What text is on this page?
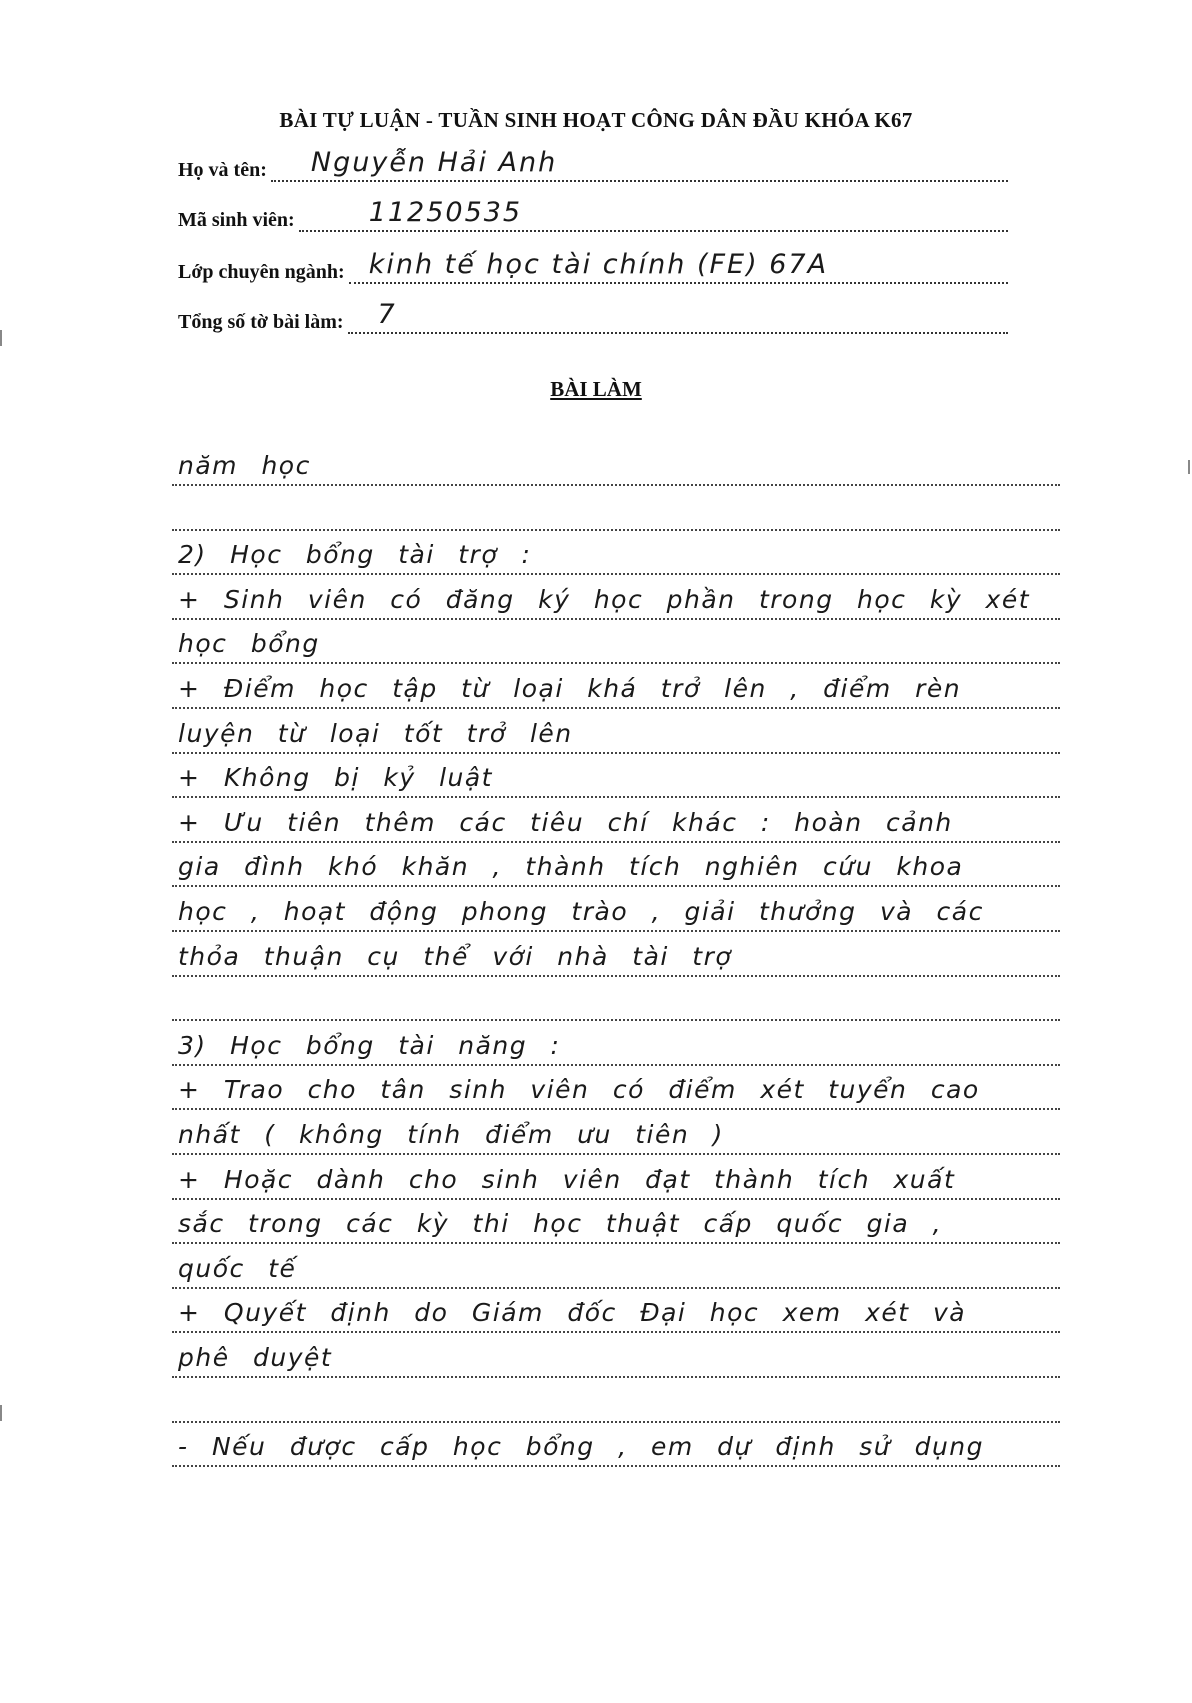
BÀI TỰ LUẬN - TUẦN SINH HOẠT CÔNG DÂN ĐẦU KHÓA K67
Họ và tên: Nguyễn Hải Anh
Mã sinh viên:	11250535
Lớp chuyên ngành: kinh tế học tài chính (FE) 67A
Tổng số tờ bài làm: 7
BÀI LÀM
năm học
2) Học bổng tài trợ :
+ Sinh viên có đăng ký học phần trong học kỳ xét
học bổng
+ Điểm học tập từ loại khá trở lên , điểm rèn
luyện từ loại tốt trở lên
+ Không bị kỷ luật
+ Ưu tiên thêm các tiêu chí khác : hoàn cảnh
gia đình khó khăn , thành tích nghiên cứu khoa
học , hoạt động phong trào , giải thưởng và các
thỏa thuận cụ thể với nhà tài trợ
3) Học bổng tài năng :
+ Trao cho tân sinh viên có điểm xét tuyển cao
nhất ( không tính điểm ưu tiên )
+ Hoặc dành cho sinh viên đạt thành tích xuất
sắc trong các kỳ thi học thuật cấp quốc gia ,
quốc tế
+ Quyết định do Giám đốc Đại học xem xét và
phê duyệt
- Nếu được cấp học bổng , em dự định sử dụng
